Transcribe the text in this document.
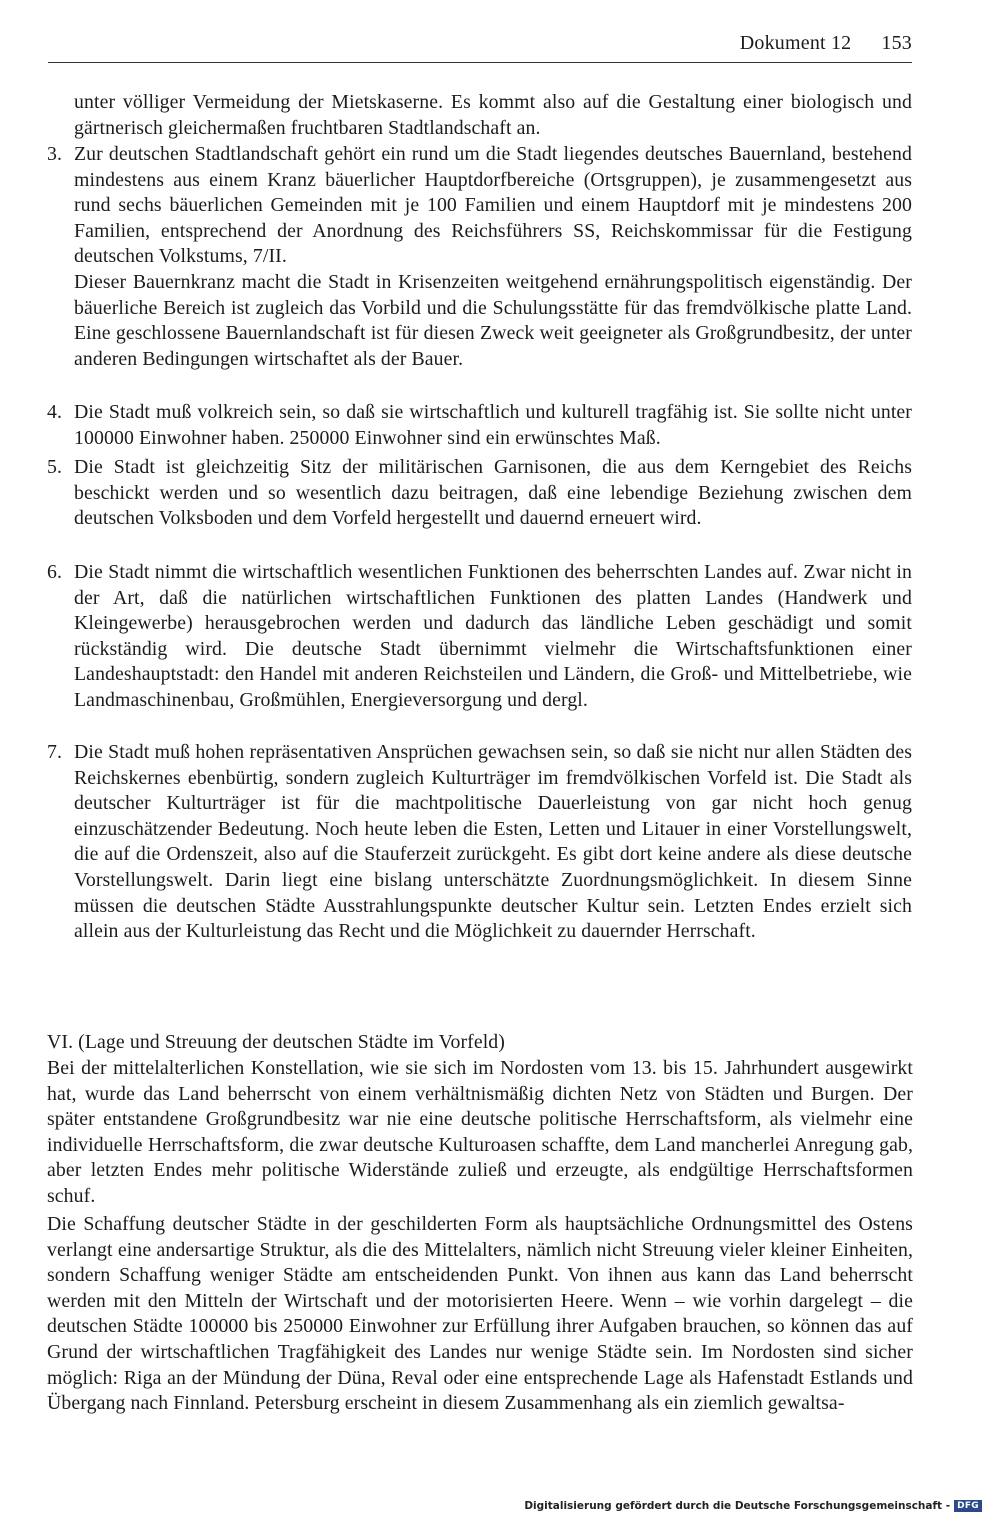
Dokument 12 153

unter völliger Vermeidung der Mietskaserne. Es kommt also auf die Gestaltung einer biologisch und gärtnerisch gleichermaßen fruchtbaren Stadtlandschaft an.

3. Zur deutschen Stadtlandschaft gehört ein rund um die Stadt liegendes deutsches Bauernland, bestehend mindestens aus einem Kranz bäuerlicher Hauptdorfbereiche (Ortsgruppen), je zusammengesetzt aus rund sechs bäuerlichen Gemeinden mit je 100 Familien und einem Hauptdorf mit je mindestens 200 Familien, entsprechend der Anordnung des Reichsführers SS, Reichskommissar für die Festigung deutschen Volkstums, 7/II.

Dieser Bauernkranz macht die Stadt in Krisenzeiten weitgehend ernährungspolitisch eigenständig. Der bäuerliche Bereich ist zugleich das Vorbild und die Schulungsstätte für das fremdvölkische platte Land. Eine geschlossene Bauernlandschaft ist für diesen Zweck weit geeigneter als Großgrundbesitz, der unter anderen Bedingungen wirtschaftet als der Bauer.

4. Die Stadt muß volkreich sein, so daß sie wirtschaftlich und kulturell tragfähig ist. Sie sollte nicht unter 100000 Einwohner haben. 250000 Einwohner sind ein erwünschtes Maß.
5. Die Stadt ist gleichzeitig Sitz der militärischen Garnisonen, die aus dem Kerngebiet des Reichs beschickt werden und so wesentlich dazu beitragen, daß eine lebendige Beziehung zwischen dem deutschen Volksboden und dem Vorfeld hergestellt und dauernd erneuert wird.
6. Die Stadt nimmt die wirtschaftlich wesentlichen Funktionen des beherrschten Landes auf. Zwar nicht in der Art, daß die natürlichen wirtschaftlichen Funktionen des platten Landes (Handwerk und Kleingewerbe) herausgebrochen werden und dadurch das ländliche Leben geschädigt und somit rückständig wird. Die deutsche Stadt übernimmt vielmehr die Wirtschaftsfunktionen einer Landeshauptstadt: den Handel mit anderen Reichsteilen und Ländern, die Groß- und Mittelbetriebe, wie Landmaschinenbau, Großmühlen, Energieversorgung und dergl.
7. Die Stadt muß hohen repräsentativen Ansprüchen gewachsen sein, so daß sie nicht nur allen Städten des Reichskernes ebenbürtig, sondern zugleich Kulturträger im fremdvölkischen Vorfeld ist. Die Stadt als deutscher Kulturträger ist für die machtpolitische Dauerleistung von gar nicht hoch genug einzuschätzender Bedeutung. Noch heute leben die Esten, Letten und Litauer in einer Vorstellungswelt, die auf die Ordenszeit, also auf die Stauferzeit zurückgeht. Es gibt dort keine andere als diese deutsche Vorstellungswelt. Darin liegt eine bislang unterschätzte Zuordnungsmöglichkeit. In diesem Sinne müssen die deutschen Städte Ausstrahlungspunkte deutscher Kultur sein. Letzten Endes erzielt sich allein aus der Kulturleistung das Recht und die Möglichkeit zu dauernder Herrschaft.

VI. (Lage und Streuung der deutschen Städte im Vorfeld)

Bei der mittelalterlichen Konstellation, wie sie sich im Nordosten vom 13. bis 15. Jahrhundert ausgewirkt hat, wurde das Land beherrscht von einem verhältnismäßig dichten Netz von Städten und Burgen. Der später entstandene Großgrundbesitz war nie eine deutsche politische Herrschaftsform, als vielmehr eine individuelle Herrschaftsform, die zwar deutsche Kulturoasen schaffte, dem Land mancherlei Anregung gab, aber letzten Endes mehr politische Widerstände zuließ und erzeugte, als endgültige Herrschaftsformen schuf.

Die Schaffung deutscher Städte in der geschilderten Form als hauptsächliche Ordnungsmittel des Ostens verlangt eine andersartige Struktur, als die des Mittelalters, nämlich nicht Streuung vieler kleiner Einheiten, sondern Schaffung weniger Städte am entscheidenden Punkt. Von ihnen aus kann das Land beherrscht werden mit den Mitteln der Wirtschaft und der motorisierten Heere. Wenn – wie vorhin dargelegt – die deutschen Städte 100000 bis 250000 Einwohner zur Erfüllung ihrer Aufgaben brauchen, so können das auf Grund der wirtschaftlichen Tragfähigkeit des Landes nur wenige Städte sein. Im Nordosten sind sicher möglich: Riga an der Mündung der Düna, Reval oder eine entsprechende Lage als Hafenstadt Estlands und Übergang nach Finnland. Petersburg erscheint in diesem Zusammenhang als ein ziemlich gewaltsa-

Digitalisierung gefördert durch die Deutsche Forschungsgemeinschaft - DFG
